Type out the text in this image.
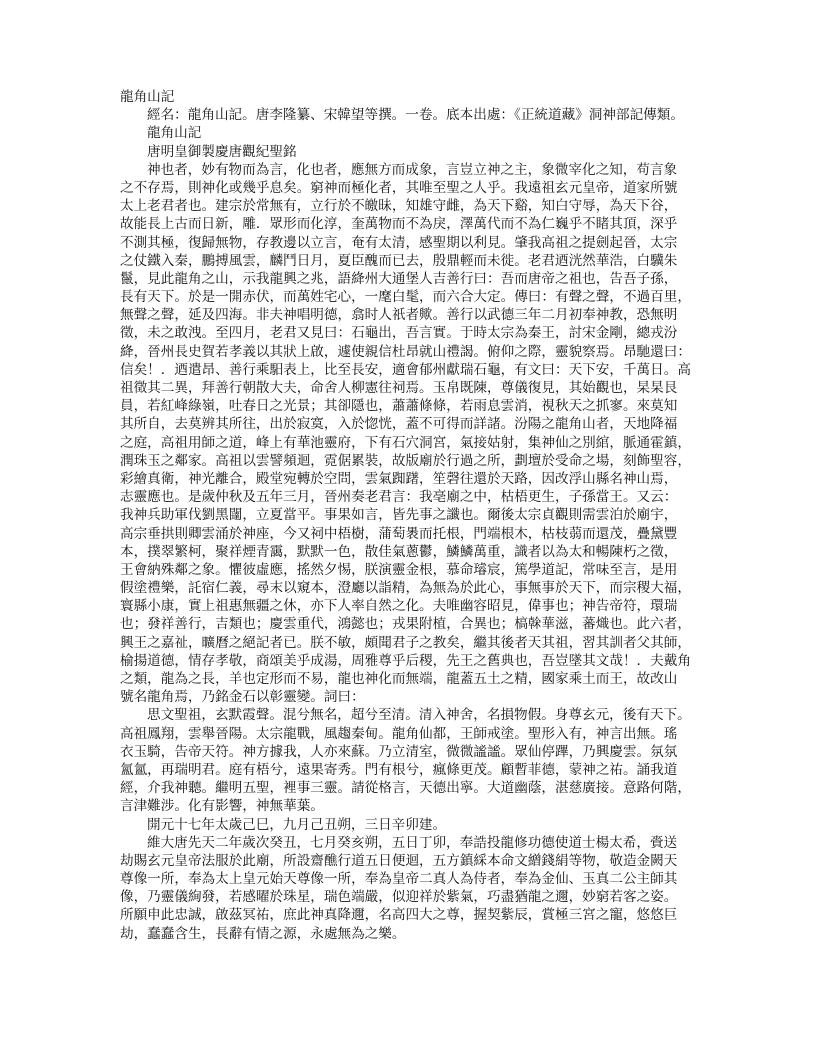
龍角山記
經名：龍角山記。唐李隆纂、宋韓望等撰。一卷。底本出處：《正統道藏》洞神部記傳類。
龍角山記
唐明皇御製慶唐觀紀聖銘
神也者，妙有物而為言，化也者，應無方而成象，言豈立神之主，象微宰化之知，苟言象
之不存焉，則神化或幾乎息矣。窮神而極化者，其唯至聖之人乎。我遠祖玄元皇帝，道家所號
太上老君者也。建宗於常無有，立行於不皦昧，知雄守雌，為天下谿，知白守辱，為天下谷，
故能長上古而日新，雕．眾形而化淳，奎萬物而不為戾，澤萬代而不為仁巍乎不睹其頂，深乎
不測其極，復歸無物，存教邊以立言，奄有太清，感聖期以利見。肇我高祖之提劍起晉，太宗
之仗鐵入秦，鵬搏風雲，麟鬥日月，夏臣醜而已去，殷鼎輕而未徙。老君迺洸然華浩，白驥朱
鬣，見此龍角之山，示我龍興之兆，語絳州大通堡人吉善行曰：吾而唐帝之祖也，告吾子孫，
長有天下。於是一開赤伏，而萬姓宅心，一麾白髦，而六合大定。傳曰：有聲之聲，不過百里，
無聲之聲，延及四海。非夫神唱明德，翕时人祇者歟。善行以武德三年二月初奉神教，恐無明
徵，未之敢洩。至四月，老君又見曰：石龜出，吾言實。于時太宗為秦王，討宋金剛，總戎汾
絳，晉州長史賀若孝義以其狀上啟，遽使親信杜昂就山禮謁。俯仰之際，靈貌察焉。昂馳還曰：
信矣！．迺遣昂、善行乘馹表上，比至長安，適會郁州獻瑞石龜，有文曰：天下安，千萬日。高
祖徵其二異，拜善行朝散大夫，命舍人柳憲往祠焉。玉帛既陳，尊儀復見，其始觀也，杲杲艮
員，若紅峰綠嶺，吐春日之光景；其卻隱也，蕭蕭條條，若雨息雲消，視秋天之抓寥。來莫知
其所自，去莫辨其所往，出於寂寞，入於惚恍，蓋不可得而詳諸。汾陽之龍角山者，天地降福
之庭，高祖用師之道，峰上有華池靈府，下有石穴洞宮，氣接姑射，集神仙之別綰，脈通霍鎮，
潤珠玉之鄰家。高祖以雲譬頻迴，霓倨累裝，故版廟於行過之所，劃壇於受命之場，刻飾聖容，
彩繪真衛，神光離合，殿堂宛轉於空問，雲氣踟躇，笙磬往還於天路，因改浮山縣名神山焉，
志靈應也。是歲仲秋及五年三月，晉州奏老君言：我亳廟之中，枯梧更生，子孫當王。又云：
我神兵助軍伐劉黑闥，立夏當平。事果如言，皆先事之讖也。爾後太宗貞觀則需雲泊於廟宇，
高宗垂拱則卿雲涌於神座，今又祠中梧樹，蒲萄褁而托根，門端根木，枯枝蒻而還茂，疊黛豐
本，撲翠繁柯，聚祥煙青靄，默默一色，散佳氣蔥鬱，鱗鱗萬重，識者以為太和暢陳朽之徵，
王會納殊鄰之象。懼彼虛應，搖然夕惕，朕演靈金根，慕命璿宸，篤學道記，常味至言，是用
假塗禮樂，託宿仁義，尋末以窺本，澄廳以詣精，為無為於此心，事無事於天下，而宗稷大福，
寰縣小康，實上祖惠無疆之休，亦下人率自然之化。夫唯幽容昭見，偉事也；神告帝符，環瑞
也；發祥善行，吉類也；慶雲重代，鴻懿也；戎果附植，合異也；槁榦華滋，蕃熾也。此六者，
興王之嘉祉，曠曆之絕記者已。朕不敏，頗聞君子之教矣，繼其後者天其祖，習其訓者父其師，
榆揚道德，情存孝敬，商頌美乎成湯，周雅尊乎后稷，先王之舊典也，吾豈墜其文哉！．夫戴角
之類，龍為之長，羊也定形而不易，龍也神化而無端，龍蓋五土之精，國家乘土而王，故改山
號名龍角焉，乃銘金石以彰靈變。詞曰：
思文聖祖，玄默霞聲。混兮無名，超兮至清。清入神舍，名損物假。身尊玄元，後有天下。
高祖鳳翔，雲舉晉陽。太宗龍戰，風趨秦甸。龍角仙都，王師戒塗。聖形入有，神言出無。瑤
衣玉騎，告帝天符。神方據我，人亦來蘇。乃立清室，微微謐謐。眾仙停蹕，乃興慶雲。氛氛
氳氳，再瑞明君。庭有梧兮，遠果寄秀。門有根兮，瘋條更茂。顧暫菲德，蒙神之祐。誦我道
經，介我神聽。繼明五聖，裡事三靈。請從格言，天德出寧。大道幽蔭，湛慈廣接。意路何階，
言津難涉。化有影響，神無華葉。
開元十七年太歲己巳，九月己丑朔，三日辛卯建。
維大唐先天二年歲次癸丑，七月癸亥朔，五日丁卯，奉誥投龍修功德使道士楊太希，賫送
劫賜玄元皇帝法服於此廟，所設齋醮行道五日便迴，五方鎮綵本命文繒錢絹等物，敬造金闕天
尊像一所，奉為太上皇元始天尊像一所，奉為皇帝二真人為侍者，奉為金仙、玉真二公主師其
像，乃靈儀絢發，若感曜於珠星，瑞色端嚴，似迎祥於紫氣，巧盡猶龍之邇，妙窮若客之姿。
所願申此忠誠，啟茲冥祐，庶此神真降邇，名高四大之尊，握契紫辰，賞極三宮之寵，悠悠巨
劫，蠢蠢含生，長辭有情之源，永處無為之樂。
